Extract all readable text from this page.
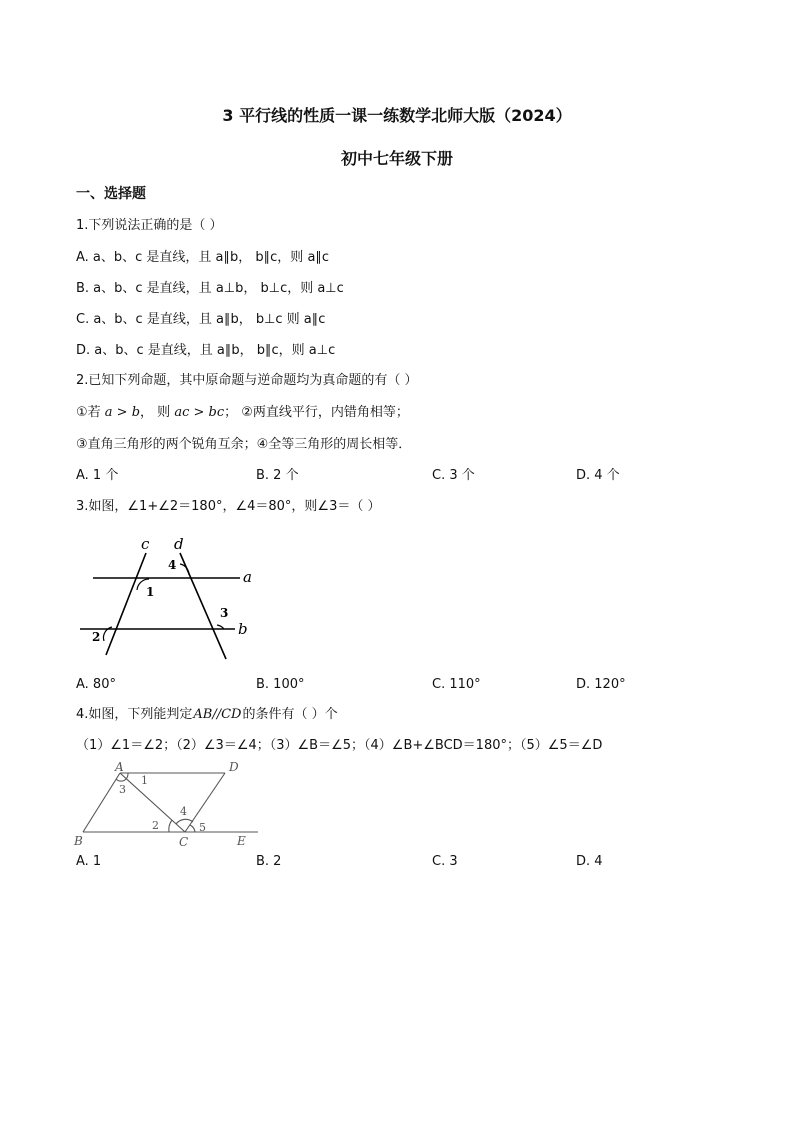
3 平行线的性质一课一练数学北师大版（2024）
初中七年级下册
一、选择题
1.下列说法正确的是（ ）
A. a、b、c 是直线，且 a∥b， b∥c，则 a∥c
B. a、b、c 是直线，且 a⊥b， b⊥c，则 a⊥c
C. a、b、c 是直线，且 a∥b， b⊥c 则 a∥c
D. a、b、c 是直线，且 a∥b， b∥c，则 a⊥c
2.已知下列命题，其中原命题与逆命题均为真命题的有（ ）
①若 a > b， 则 ac > bc； ②两直线平行，内错角相等；
③直角三角形的两个锐角互余；④全等三角形的周长相等．
A. 1 个	B. 2 个	C. 3 个	D. 4 个
3.如图，∠1+∠2＝180°，∠4＝80°，则∠3＝（ ）
c d
a
b
1
2
3
4
A. 80°	B. 100°	C. 110°	D. 120°
4.如图，下列能判定AB//CD的条件有（ ）个
（1）∠1＝∠2；（2）∠3＝∠4；（3）∠B＝∠5；（4）∠B+∠BCD＝180°；（5）∠5＝∠D
A	D
B	C	E
1
3
2
4
5
A. 1	B. 2	C. 3	D. 4
